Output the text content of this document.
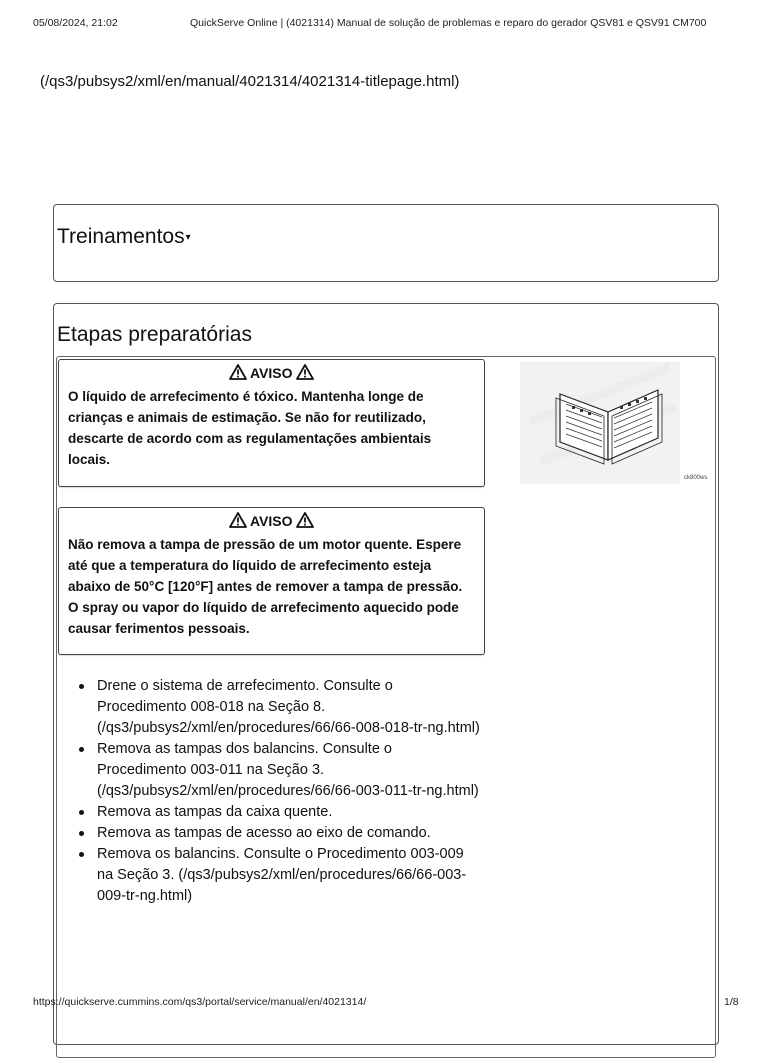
05/08/2024, 21:02	QuickServe Online | (4021314) Manual de solução de problemas e reparo do gerador QSV81 e QSV91 CM700
(/qs3/pubsys2/xml/en/manual/4021314/4021314-titlepage.html)
Treinamentos▾
Etapas preparatórias
AVISO
O líquido de arrefecimento é tóxico. Mantenha longe de crianças e animais de estimação. Se não for reutilizado, descarte de acordo com as regulamentações ambientais locais.
AVISO
Não remova a tampa de pressão de um motor quente. Espere até que a temperatura do líquido de arrefecimento esteja abaixo de 50°C [120°F] antes de remover a tampa de pressão. O spray ou vapor do líquido de arrefecimento aquecido pode causar ferimentos pessoais.
ck800ws
Drene o sistema de arrefecimento. Consulte o Procedimento 008-018 na Seção 8. (/qs3/pubsys2/xml/en/procedures/66/66-008-018-tr-ng.html)
Remova as tampas dos balancins. Consulte o Procedimento 003-011 na Seção 3. (/qs3/pubsys2/xml/en/procedures/66/66-003-011-tr-ng.html)
Remova as tampas da caixa quente.
Remova as tampas de acesso ao eixo de comando.
Remova os balancins. Consulte o Procedimento 003-009 na Seção 3. (/qs3/pubsys2/xml/en/procedures/66/66-003-009-tr-ng.html)
https://quickserve.cummins.com/qs3/portal/service/manual/en/4021314/	1/8
